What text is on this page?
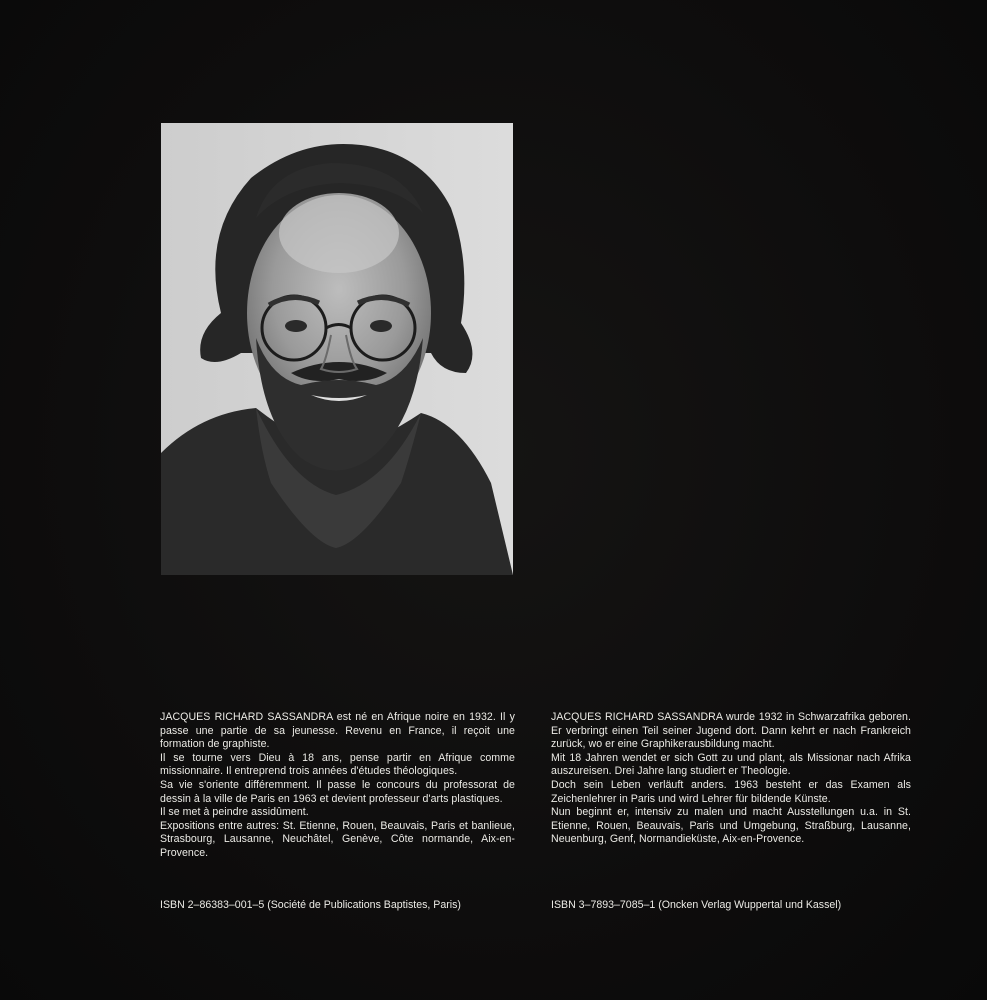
JACQUES RICHARD SASSANDRA est né en Afrique noire en 1932. Il y passe une partie de sa jeunesse. Revenu en France, il reçoit une formation de graphiste.

Il se tourne vers Dieu à 18 ans, pense partir en Afrique comme missionnaire. Il entreprend trois années d'études théologiques.

Sa vie s'oriente différemment. Il passe le concours du professorat de dessin à la ville de Paris en 1963 et devient professeur d'arts plastiques.

Il se met à peindre assidûment.

Expositions entre autres: St. Etienne, Rouen, Beauvais, Paris et banlieue, Strasbourg, Lausanne, Neuchâtel, Genève, Côte normande, Aix-en-Provence.

JACQUES RICHARD SASSANDRA wurde 1932 in Schwarzafrika geboren. Er verbringt einen Teil seiner Jugend dort. Dann kehrt er nach Frankreich zurück, wo er eine Graphikerausbildung macht.

Mit 18 Jahren wendet er sich Gott zu und plant, als Missionar nach Afrika auszureisen. Drei Jahre lang studiert er Theologie.

Doch sein Leben verläuft anders. 1963 besteht er das Examen als Zeichenlehrer in Paris und wird Lehrer für bildende Künste.

Nun beginnt er, intensiv zu malen und macht Ausstellungen u.a. in St. Etienne, Rouen, Beauvais, Paris und Umgebung, Straßburg, Lausanne, Neuenburg, Genf, Normandieküste, Aix-en-Provence.

ISBN 2–86383–001–5 (Société de Publications Baptistes, Paris)	ISBN 3–7893–7085–1 (Oncken Verlag Wuppertal und Kassel)
